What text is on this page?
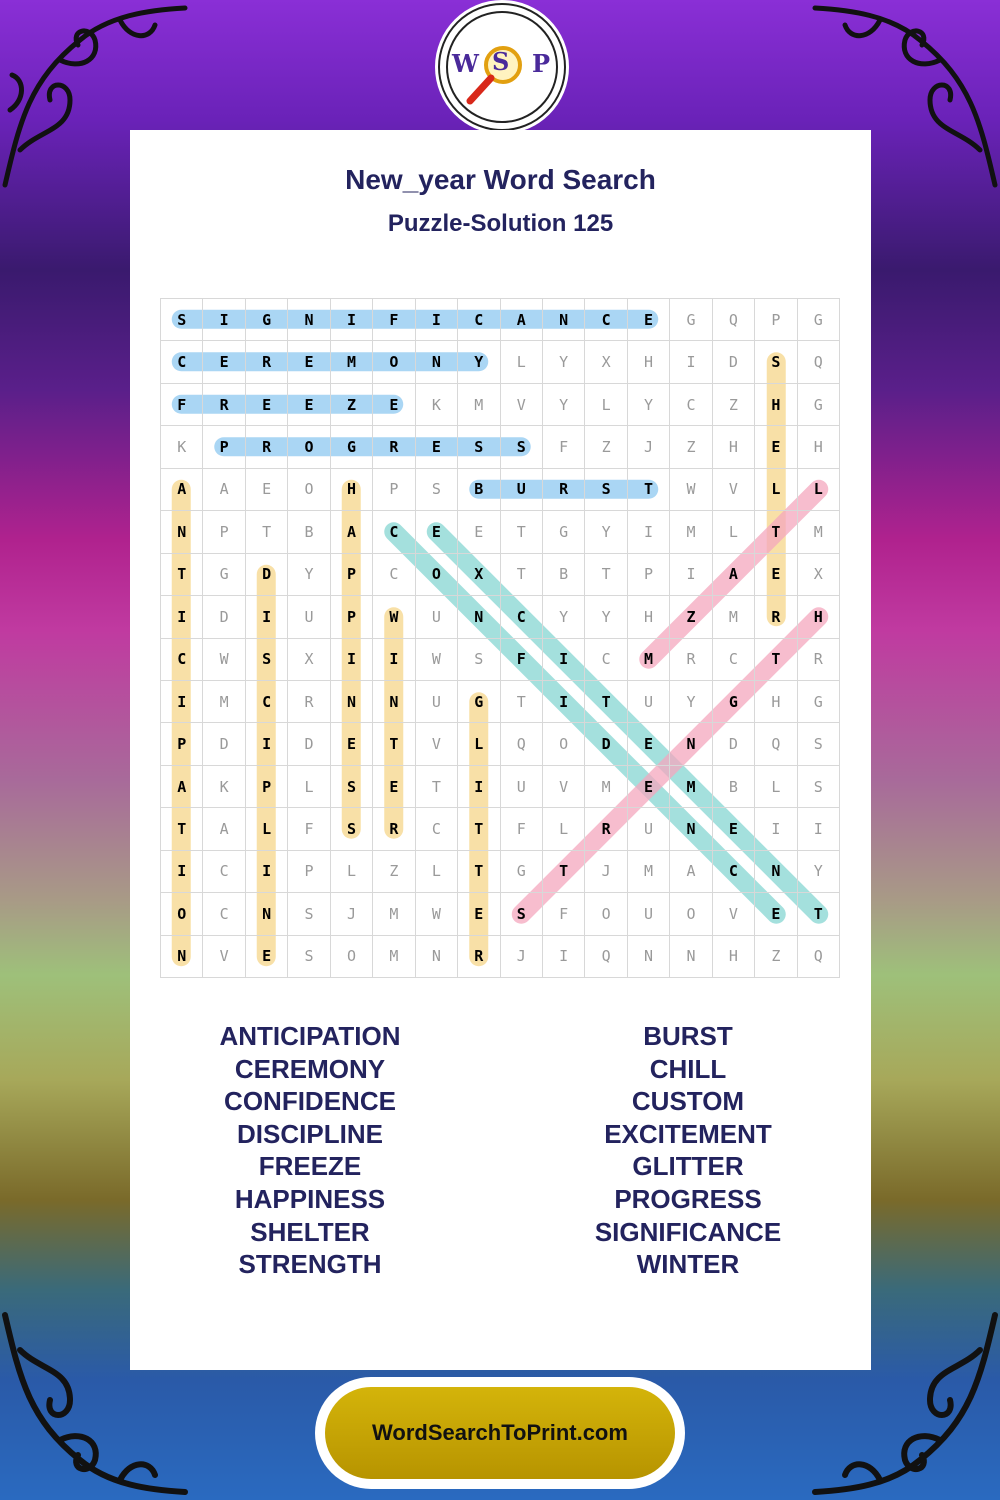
W S P
New_year Word Search
Puzzle-Solution 125
S	I	G	N	I	F	I	C	A	N	C	E	G	Q	P	G
C	E	R	E	M	O	N	Y	L	Y	X	H	I	D	S	Q
F	R	E	E	Z	E	K	M	V	Y	L	Y	C	Z	H	G
K	P	R	O	G	R	E	S	S	F	Z	J	Z	H	E	H
A	A	E	O	H	P	S	B	U	R	S	T	W	V	L	L
N	P	T	B	A	C	E	E	T	G	Y	I	M	L	T	M
T	G	D	Y	P	C	O	X	T	B	T	P	I	A	E	X
I	D	I	U	P	W	U	N	C	Y	Y	H	Z	M	R	H
C	W	S	X	I	I	W	S	F	I	C	M	R	C	T	R
I	M	C	R	N	N	U	G	T	I	T	U	Y	G	H	G
P	D	I	D	E	T	V	L	Q	O	D	E	N	D	Q	S
A	K	P	L	S	E	T	I	U	V	M	E	M	B	L	S
T	A	L	F	S	R	C	T	F	L	R	U	N	E	I	I
I	C	I	P	L	Z	L	T	G	T	J	M	A	C	N	Y
O	C	N	S	J	M	W	E	S	F	O	U	O	V	E	T
N	V	E	S	O	M	N	R	J	I	Q	N	N	H	Z	Q
ANTICIPATION
CEREMONY
CONFIDENCE
DISCIPLINE
FREEZE
HAPPINESS
SHELTER
STRENGTH
BURST
CHILL
CUSTOM
EXCITEMENT
GLITTER
PROGRESS
SIGNIFICANCE
WINTER
WordSearchToPrint.com
